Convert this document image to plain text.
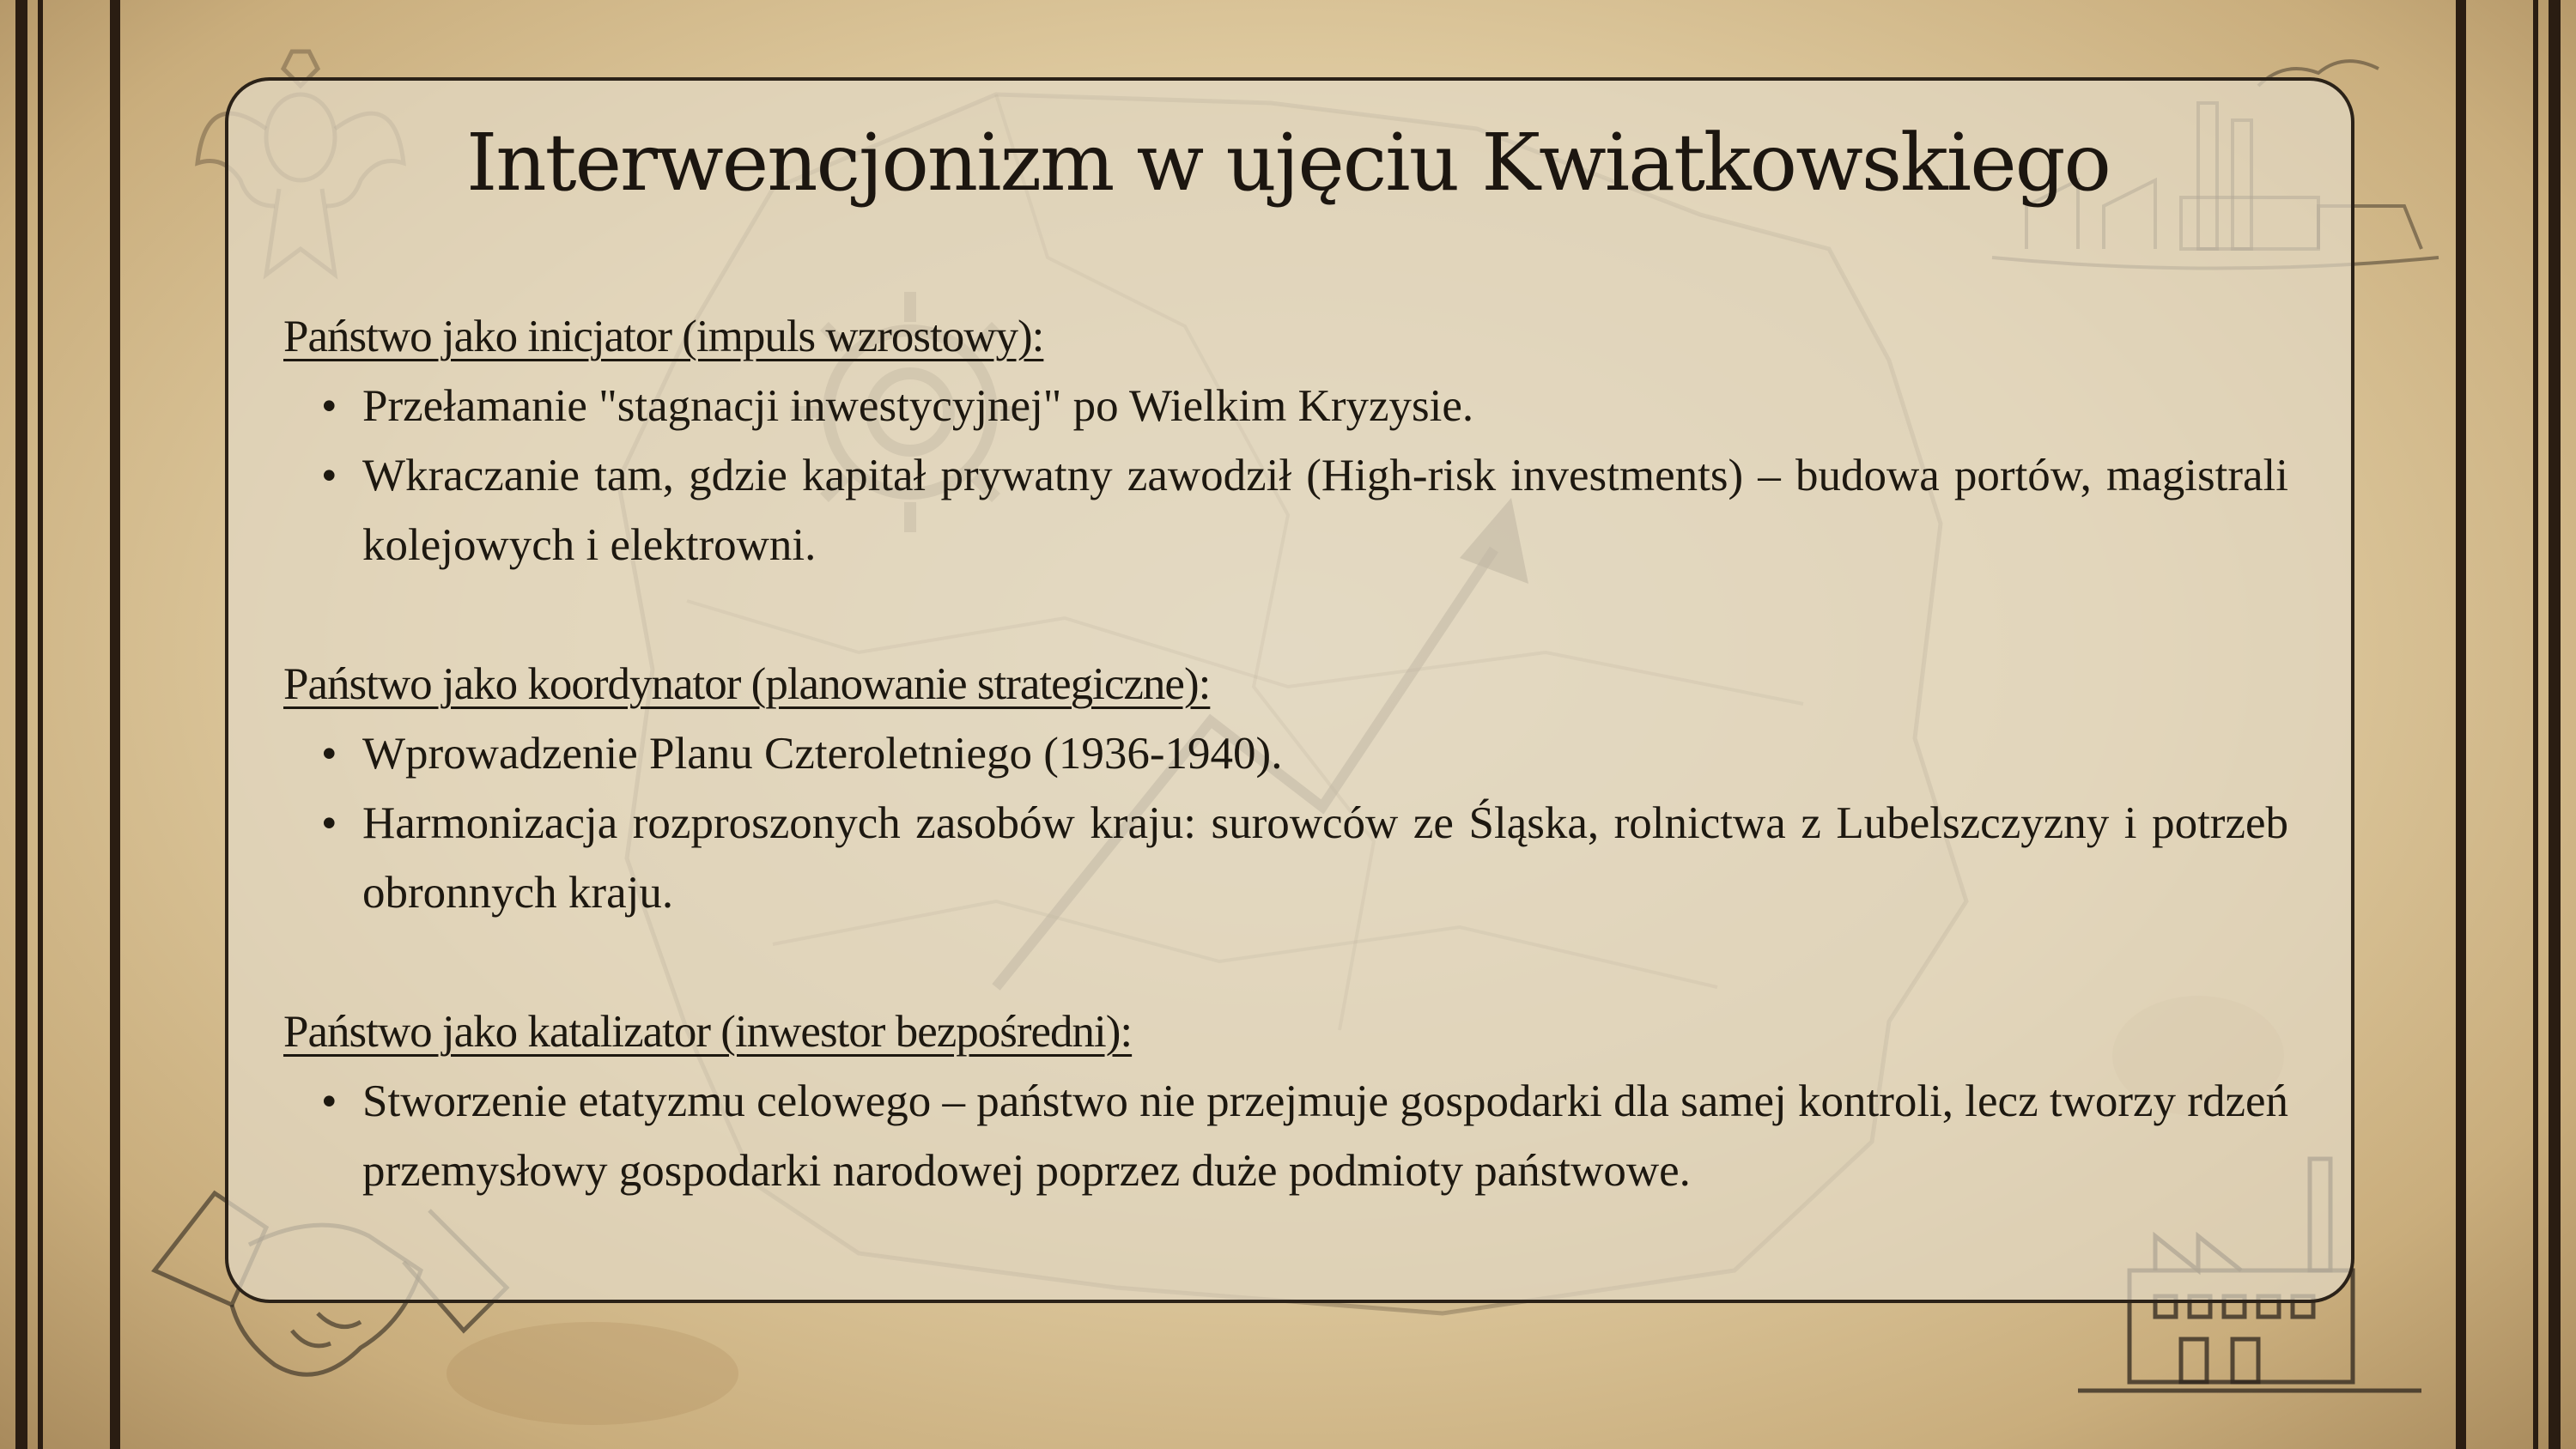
Interwencjonizm w ujęciu Kwiatkowskiego
Państwo jako inicjator (impuls wzrostowy):
• Przełamanie "stagnacji inwestycyjnej" po Wielkim Kryzysie.
• Wkraczanie tam, gdzie kapitał prywatny zawodził (High-risk investments) – budowa portów, magistrali kolejowych i elektrowni.
Państwo jako koordynator (planowanie strategiczne):
• Wprowadzenie Planu Czteroletniego (1936-1940).
• Harmonizacja rozproszonych zasobów kraju: surowców ze Śląska, rolnictwa z Lubelszczyzny i potrzeb obronnych kraju.
Państwo jako katalizator (inwestor bezpośredni):
• Stworzenie etatyzmu celowego – państwo nie przejmuje gospodarki dla samej kontroli, lecz tworzy rdzeń przemysłowy gospodarki narodowej poprzez duże podmioty państwowe.
